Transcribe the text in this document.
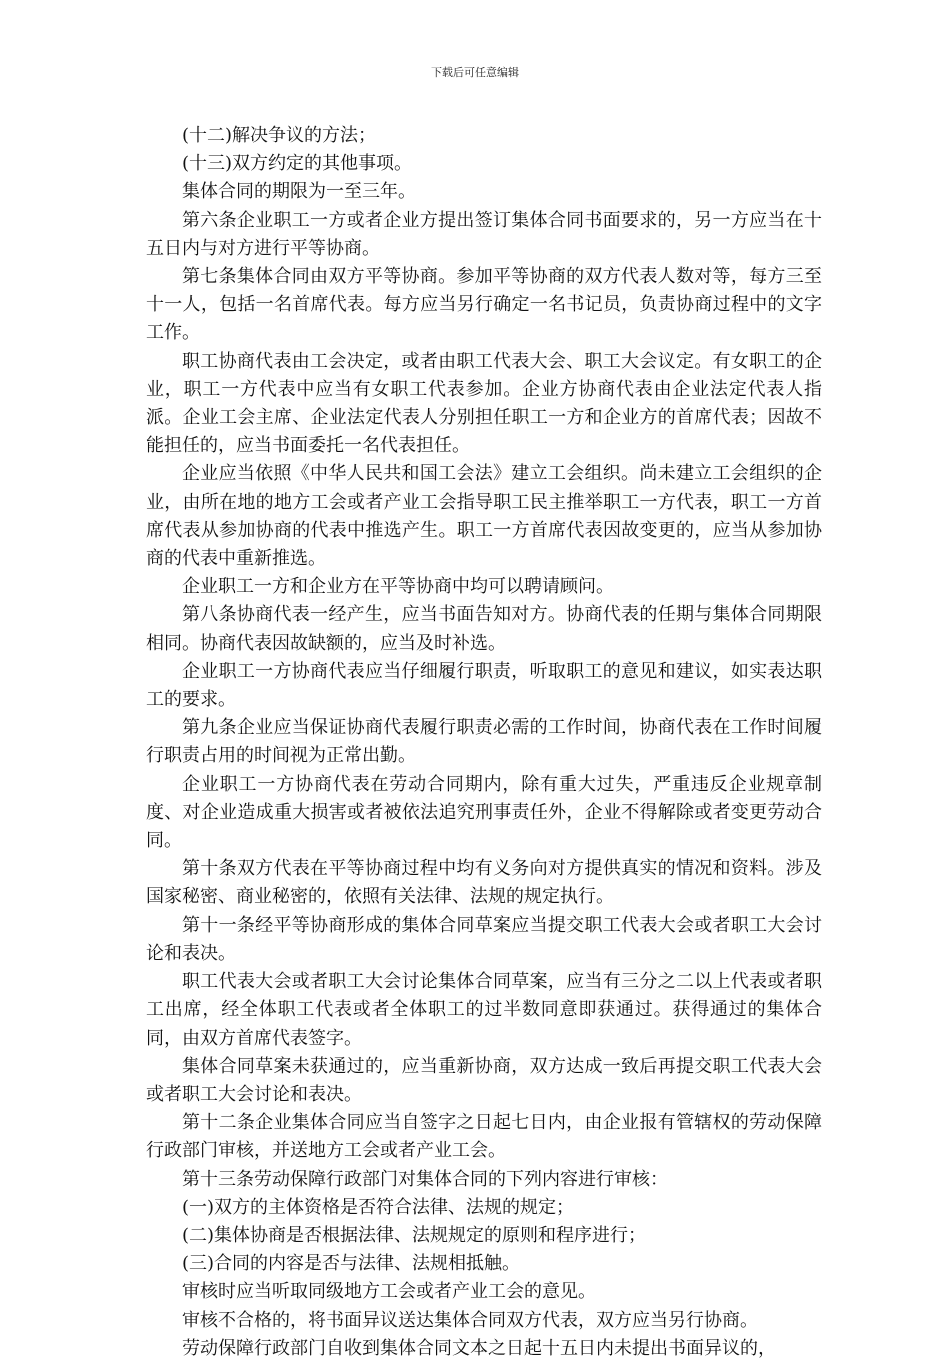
下载后可任意编辑

(十二)解决争议的方法；

(十三)双方约定的其他事项。

集体合同的期限为一至三年。

第六条企业职工一方或者企业方提出签订集体合同书面要求的，另一方应当在十五日内与对方进行平等协商。

第七条集体合同由双方平等协商。参加平等协商的双方代表人数对等，每方三至十一人，包括一名首席代表。每方应当另行确定一名书记员，负责协商过程中的文字工作。

职工协商代表由工会决定，或者由职工代表大会、职工大会议定。有女职工的企业，职工一方代表中应当有女职工代表参加。企业方协商代表由企业法定代表人指派。企业工会主席、企业法定代表人分别担任职工一方和企业方的首席代表；因故不能担任的，应当书面委托一名代表担任。

企业应当依照《中华人民共和国工会法》建立工会组织。尚未建立工会组织的企业，由所在地的地方工会或者产业工会指导职工民主推举职工一方代表，职工一方首席代表从参加协商的代表中推选产生。职工一方首席代表因故变更的，应当从参加协商的代表中重新推选。

企业职工一方和企业方在平等协商中均可以聘请顾问。

第八条协商代表一经产生，应当书面告知对方。协商代表的任期与集体合同期限相同。协商代表因故缺额的，应当及时补选。

企业职工一方协商代表应当仔细履行职责，听取职工的意见和建议，如实表达职工的要求。

第九条企业应当保证协商代表履行职责必需的工作时间，协商代表在工作时间履行职责占用的时间视为正常出勤。

企业职工一方协商代表在劳动合同期内，除有重大过失，严重违反企业规章制度、对企业造成重大损害或者被依法追究刑事责任外，企业不得解除或者变更劳动合同。

第十条双方代表在平等协商过程中均有义务向对方提供真实的情况和资料。涉及国家秘密、商业秘密的，依照有关法律、法规的规定执行。

第十一条经平等协商形成的集体合同草案应当提交职工代表大会或者职工大会讨论和表决。

职工代表大会或者职工大会讨论集体合同草案，应当有三分之二以上代表或者职工出席，经全体职工代表或者全体职工的过半数同意即获通过。获得通过的集体合同，由双方首席代表签字。

集体合同草案未获通过的，应当重新协商，双方达成一致后再提交职工代表大会或者职工大会讨论和表决。

第十二条企业集体合同应当自签字之日起七日内，由企业报有管辖权的劳动保障行政部门审核，并送地方工会或者产业工会。

第十三条劳动保障行政部门对集体合同的下列内容进行审核：

(一)双方的主体资格是否符合法律、法规的规定；

(二)集体协商是否根据法律、法规规定的原则和程序进行；

(三)合同的内容是否与法律、法规相抵触。

审核时应当听取同级地方工会或者产业工会的意见。

审核不合格的，将书面异议送达集体合同双方代表，双方应当另行协商。

劳动保障行政部门自收到集体合同文本之日起十五日内未提出书面异议的，
